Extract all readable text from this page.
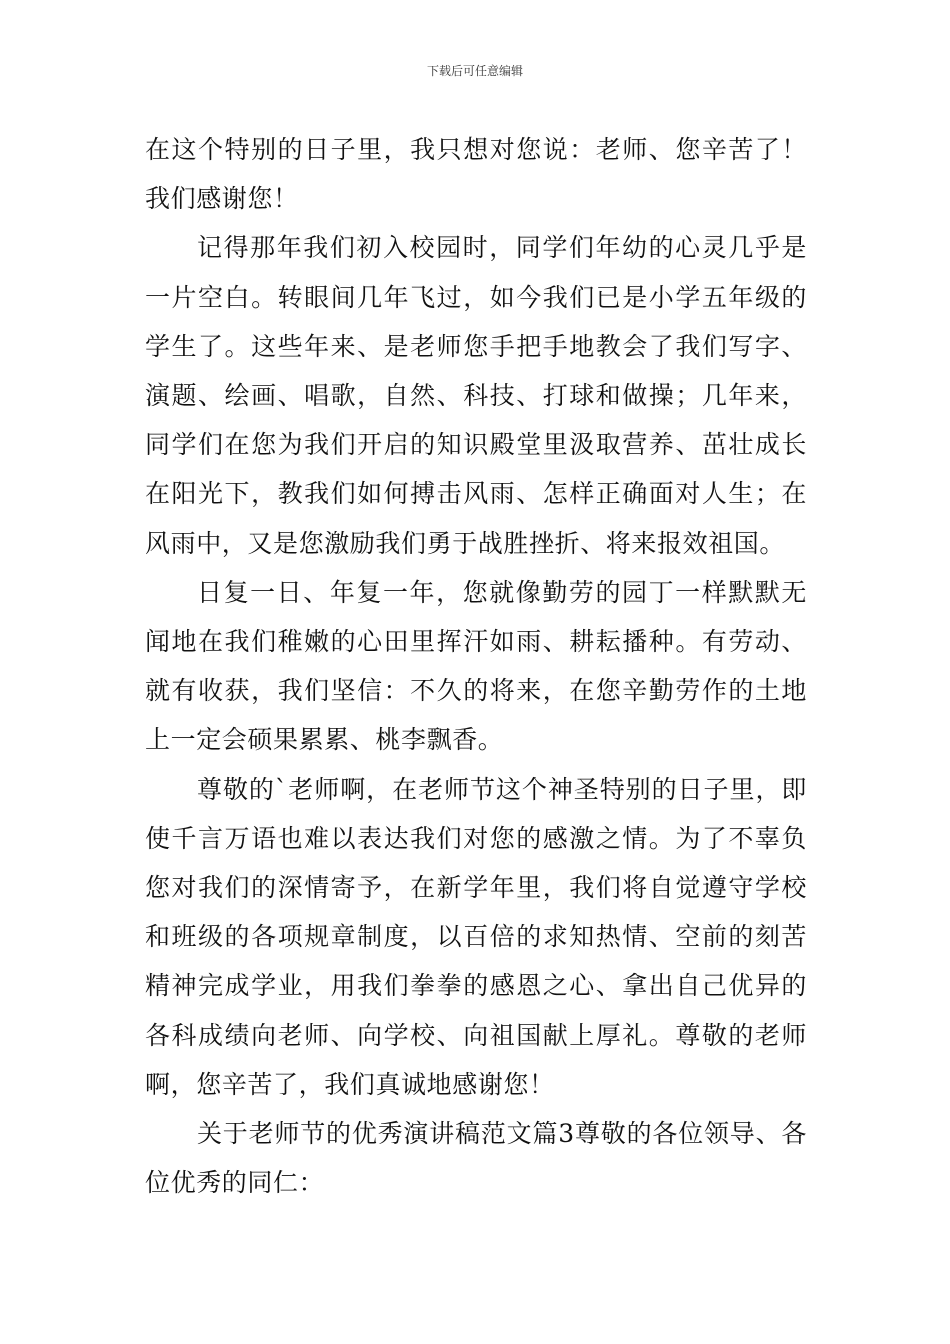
下载后可任意编辑

在这个特别的日子里，我只想对您说：老师、您辛苦了！我们感谢您！

记得那年我们初入校园时，同学们年幼的心灵几乎是一片空白。转眼间几年飞过，如今我们已是小学五年级的学生了。这些年来、是老师您手把手地教会了我们写字、演题、绘画、唱歌，自然、科技、打球和做操；几年来，同学们在您为我们开启的知识殿堂里汲取营养、茁壮成长在阳光下，教我们如何搏击风雨、怎样正确面对人生；在风雨中，又是您激励我们勇于战胜挫折、将来报效祖国。

日复一日、年复一年，您就像勤劳的园丁一样默默无闻地在我们稚嫩的心田里挥汗如雨、耕耘播种。有劳动、就有收获，我们坚信：不久的将来，在您辛勤劳作的土地上一定会硕果累累、桃李飘香。

尊敬的`老师啊，在老师节这个神圣特别的日子里，即使千言万语也难以表达我们对您的感激之情。为了不辜负您对我们的深情寄予，在新学年里，我们将自觉遵守学校和班级的各项规章制度，以百倍的求知热情、空前的刻苦精神完成学业，用我们拳拳的感恩之心、拿出自己优异的各科成绩向老师、向学校、向祖国献上厚礼。尊敬的老师啊，您辛苦了，我们真诚地感谢您！

关于老师节的优秀演讲稿范文篇3尊敬的各位领导、各位优秀的同仁：
